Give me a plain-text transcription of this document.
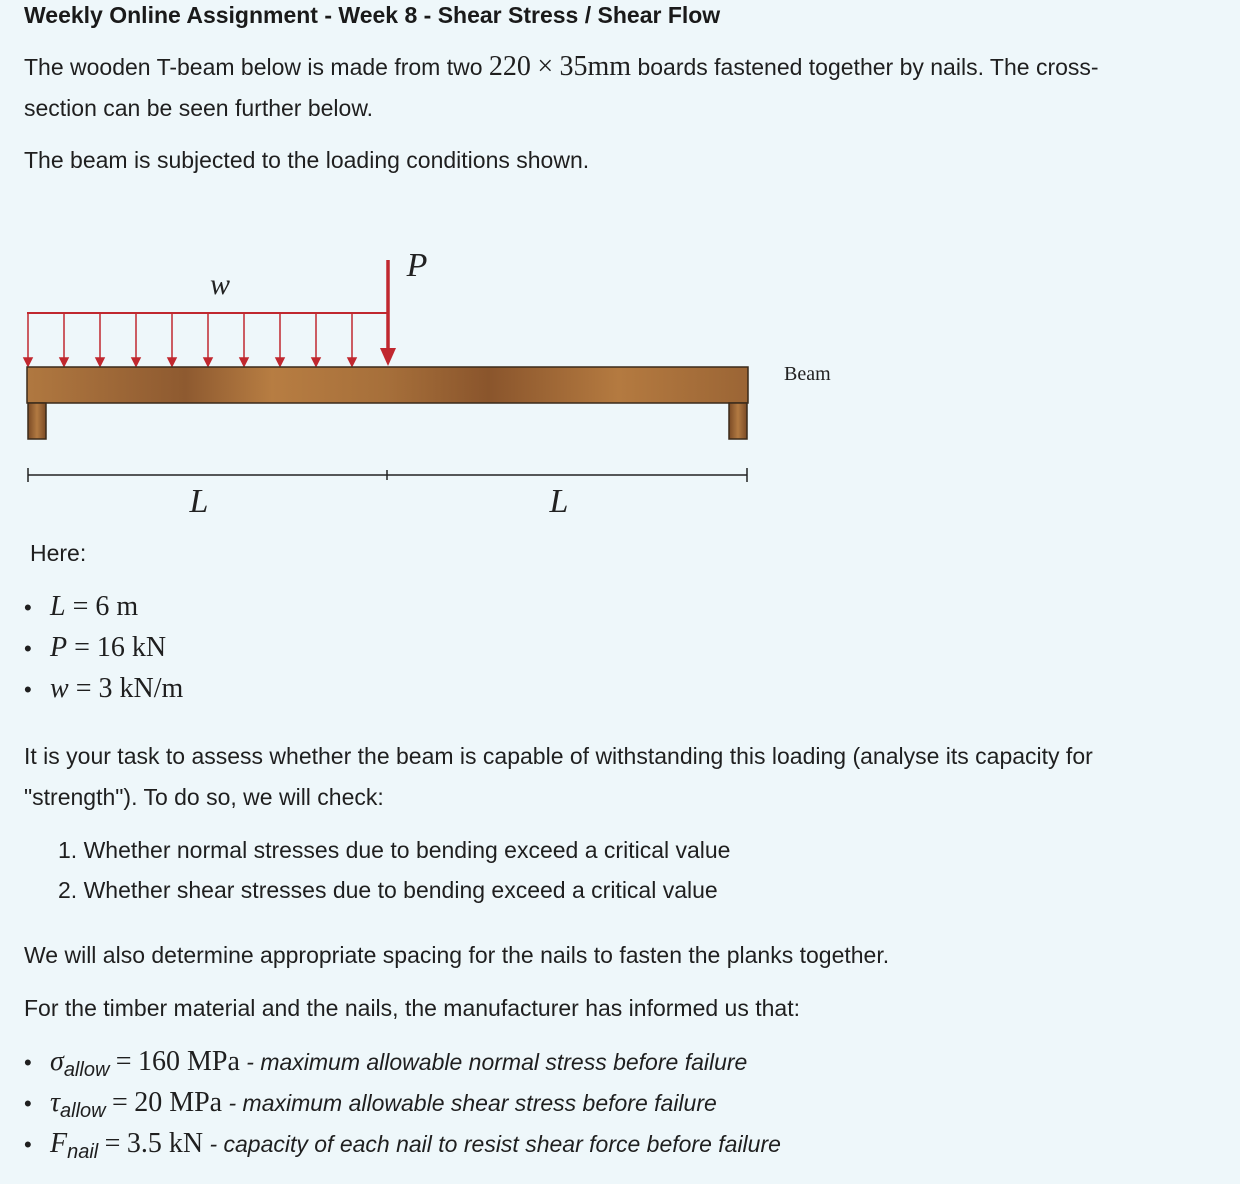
Weekly Online Assignment - Week 8 - Shear Stress / Shear Flow

The wooden T-beam below is made from two 220 × 35mm boards fastened together by nails. The cross-
section can be seen further below.

The beam is subjected to the loading conditions shown.

w
P
Beam
L	L
Here:
• L = 6 m
• P = 16 kN
• w = 3 kN/m

It is your task to assess whether the beam is capable of withstanding this loading (analyse its capacity for
"strength"). To do so, we will check:

1. Whether normal stresses due to bending exceed a critical value
2. Whether shear stresses due to bending exceed a critical value

We will also determine appropriate spacing for the nails to fasten the planks together.

For the timber material and the nails, the manufacturer has informed us that:

• $\sigma_{allow} = 160$ MPa - maximum allowable normal stress before failure
• $\tau_{allow} = 20$ MPa - maximum allowable shear stress before failure
• $F_{nail} = 3.5$ kN - capacity of each nail to resist shear force before failure
